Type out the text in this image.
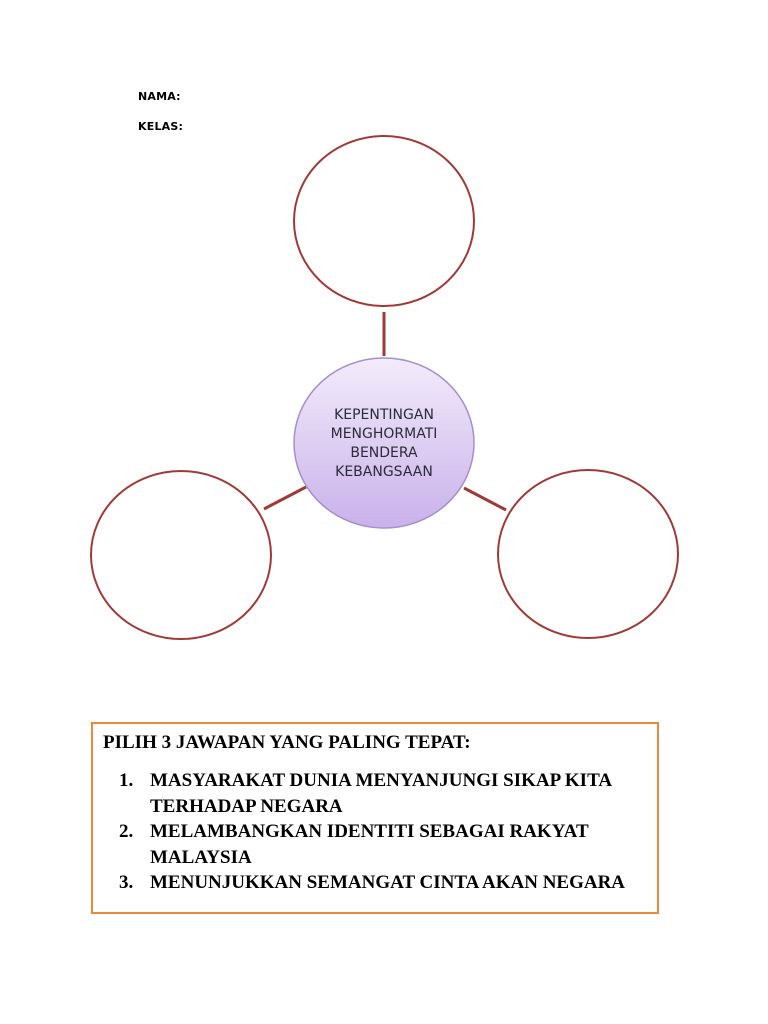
NAMA:
KELAS:
KEPENTINGAN
MENGHORMATI
BENDERA
KEBANGSAAN

PILIH 3 JAWAPAN YANG PALING TEPAT:

1. MASYARAKAT DUNIA MENYANJUNGI SIKAP KITA TERHADAP NEGARA
2. MELAMBANGKAN IDENTITI SEBAGAI RAKYAT MALAYSIA
3. MENUNJUKKAN SEMANGAT CINTA AKAN NEGARA
